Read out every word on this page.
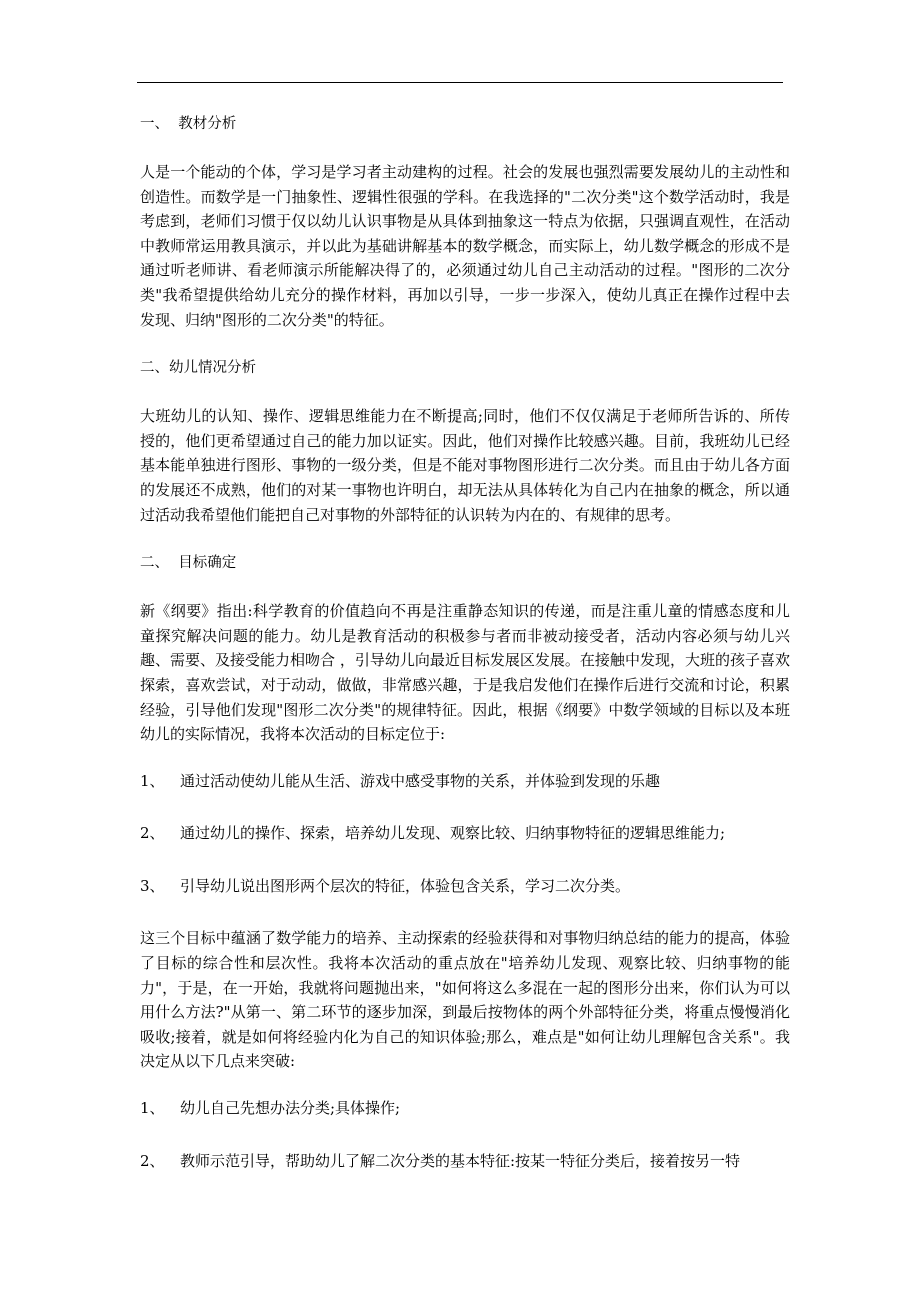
一、  教材分析

人是一个能动的个体，学习是学习者主动建构的过程。社会的发展也强烈需要发展幼儿的主动性和创造性。而数学是一门抽象性、逻辑性很强的学科。在我选择的"二次分类"这个数学活动时，我是考虑到，老师们习惯于仅以幼儿认识事物是从具体到抽象这一特点为依据，只强调直观性，在活动中教师常运用教具演示，并以此为基础讲解基本的数学概念，而实际上，幼儿数学概念的形成不是通过听老师讲、看老师演示所能解决得了的，必须通过幼儿自己主动活动的过程。"图形的二次分类"我希望提供给幼儿充分的操作材料，再加以引导，一步一步深入，使幼儿真正在操作过程中去发现、归纳"图形的二次分类"的特征。

二、幼儿情况分析

大班幼儿的认知、操作、逻辑思维能力在不断提高;同时，他们不仅仅满足于老师所告诉的、所传授的，他们更希望通过自己的能力加以证实。因此，他们对操作比较感兴趣。目前，我班幼儿已经基本能单独进行图形、事物的一级分类，但是不能对事物图形进行二次分类。而且由于幼儿各方面的发展还不成熟，他们的对某一事物也许明白，却无法从具体转化为自己内在抽象的概念，所以通过活动我希望他们能把自己对事物的外部特征的认识转为内在的、有规律的思考。

二、  目标确定

新《纲要》指出:科学教育的价值趋向不再是注重静态知识的传递，而是注重儿童的情感态度和儿童探究解决问题的能力。幼儿是教育活动的积极参与者而非被动接受者，活动内容必须与幼儿兴趣、需要、及接受能力相吻合 ，引导幼儿向最近目标发展区发展。在接触中发现，大班的孩子喜欢探索，喜欢尝试，对于动动，做做，非常感兴趣，于是我启发他们在操作后进行交流和讨论，积累经验，引导他们发现"图形二次分类"的规律特征。因此，根据《纲要》中数学领域的目标以及本班幼儿的实际情况，我将本次活动的目标定位于:

1、	通过活动使幼儿能从生活、游戏中感受事物的关系，并体验到发现的乐趣
2、	通过幼儿的操作、探索，培养幼儿发现、观察比较、归纳事物特征的逻辑思维能力;
3、	引导幼儿说出图形两个层次的特征，体验包含关系，学习二次分类。

这三个目标中蕴涵了数学能力的培养、主动探索的经验获得和对事物归纳总结的能力的提高，体验了目标的综合性和层次性。我将本次活动的重点放在"培养幼儿发现、观察比较、归纳事物的能力"，于是，在一开始，我就将问题抛出来，"如何将这么多混在一起的图形分出来，你们认为可以用什么方法?"从第一、第二环节的逐步加深，到最后按物体的两个外部特征分类，将重点慢慢消化吸收;接着，就是如何将经验内化为自己的知识体验;那么，难点是"如何让幼儿理解包含关系"。我决定从以下几点来突破:

1、	幼儿自己先想办法分类;具体操作;
2、	教师示范引导，帮助幼儿了解二次分类的基本特征:按某一特征分类后，接着按另一特
